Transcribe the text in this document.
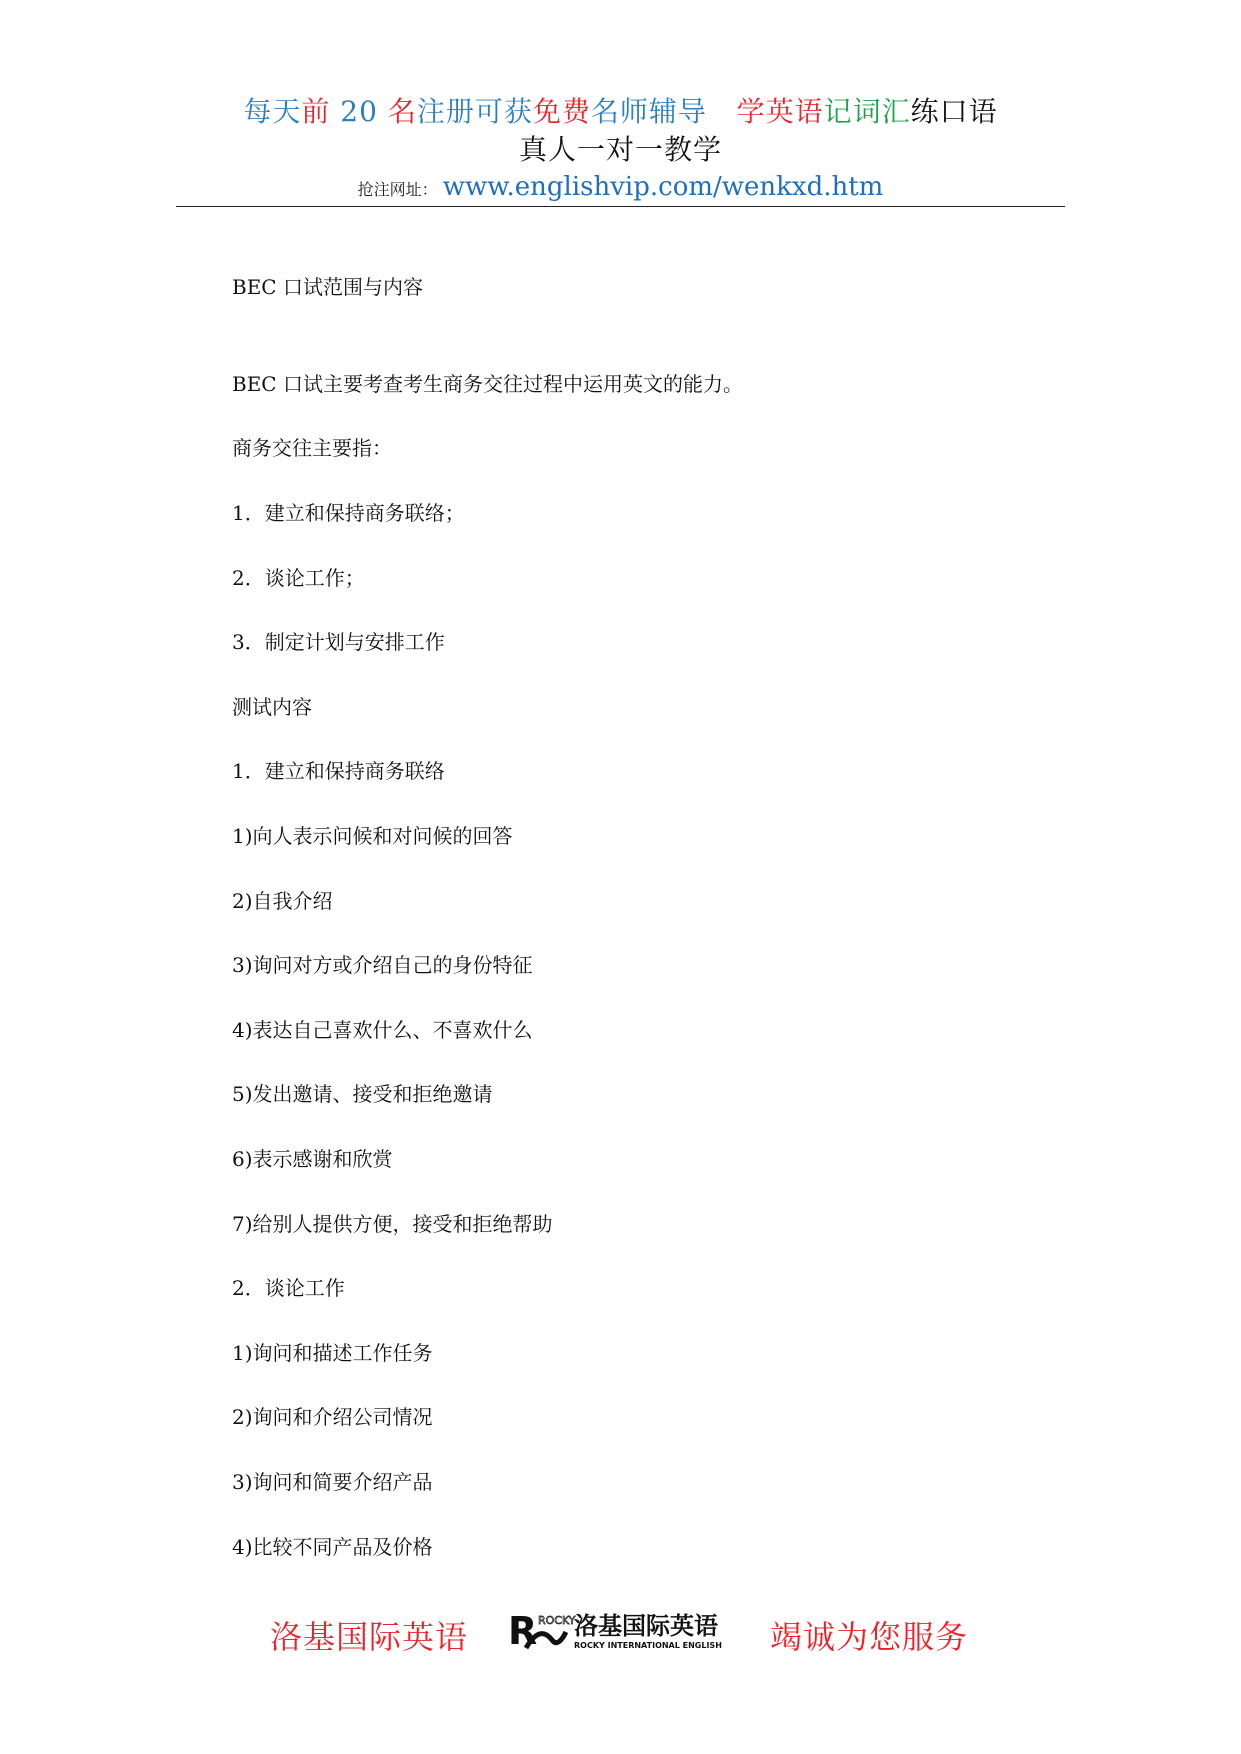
每天前 20 名注册可获免费名师辅导   学英语记词汇练口语
真人一对一教学
抢注网址： www.englishvip.com/wenkxd.htm
BEC 口试范围与内容
BEC 口试主要考查考生商务交往过程中运用英文的能力。
商务交往主要指：
1．建立和保持商务联络；
2．谈论工作；
3．制定计划与安排工作
测试内容
1．建立和保持商务联络
1)向人表示问候和对问候的回答
2)自我介绍
3)询问对方或介绍自己的身份特征
4)表达自己喜欢什么、不喜欢什么
5)发出邀请、接受和拒绝邀请
6)表示感谢和欣赏
7)给别人提供方便，接受和拒绝帮助
2．谈论工作
1)询问和描述工作任务
2)询问和介绍公司情况
3)询问和简要介绍产品
4)比较不同产品及价格
洛基国际英语 R ROCKY
洛基国际英语
ROCKY INTERNATIONAL ENGLISH 竭诚为您服务
